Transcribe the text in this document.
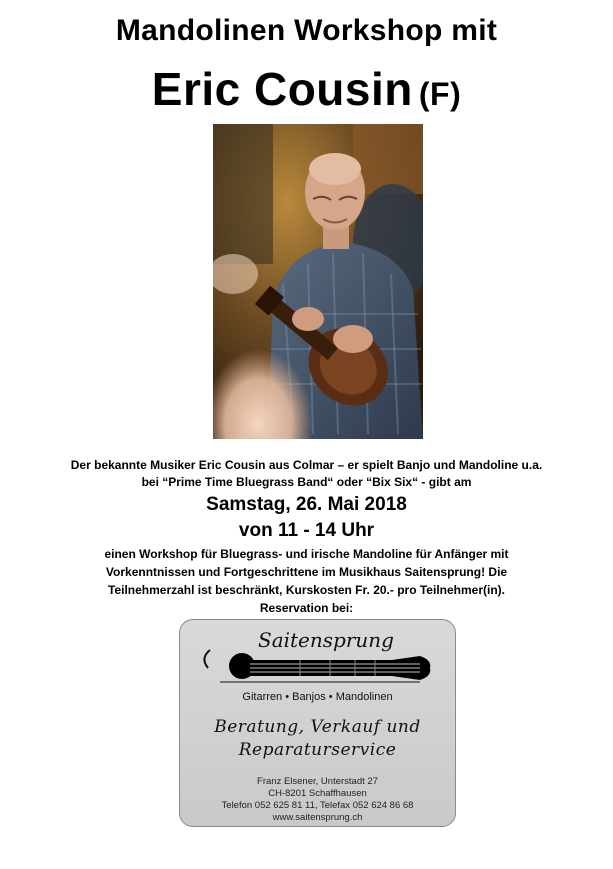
Mandolinen Workshop mit
Eric Cousin (F)
Der bekannte Musiker Eric Cousin aus Colmar – er spielt Banjo und Mandoline u.a.
bei “Prime Time Bluegrass Band“ oder “Bix Six“ - gibt am
Samstag, 26. Mai 2018
von 11 - 14 Uhr
einen Workshop für Bluegrass- und irische Mandoline für Anfänger mit
Vorkenntnissen und Fortgeschrittene im Musikhaus Saitensprung! Die
Teilnehmerzahl ist beschränkt, Kurskosten Fr. 20.- pro Teilnehmer(in).
Reservation bei:
Saitensprung
Gitarren • Banjos • Mandolinen
Beratung, Verkauf und
Reparaturservice
Franz Elsener, Unterstadt 27
CH-8201 Schaffhausen
Telefon 052 625 81 11, Telefax 052 624 86 68
www.saitensprung.ch
